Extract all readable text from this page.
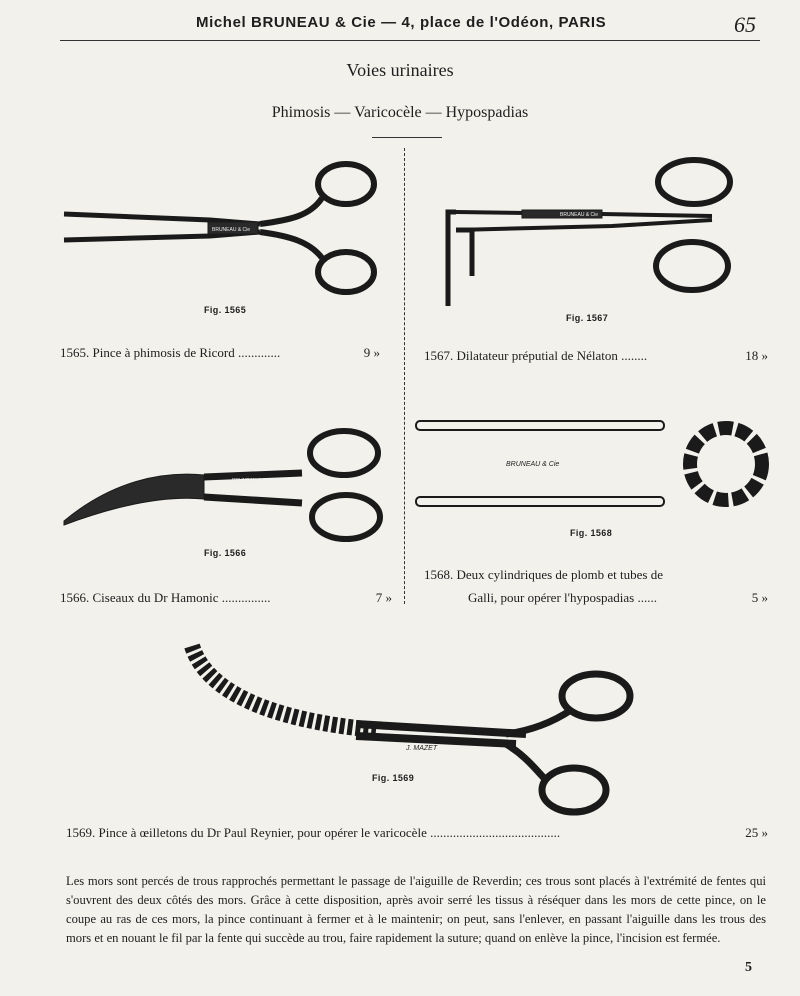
Michel BRUNEAU & Cie — 4, place de l'Odéon, PARIS	65
Voies urinaires
Phimosis — Varicocèle — Hypospadias
BRUNEAU & Cie
Fig. 1565
BRUNEAU & Cie
Fig. 1567
1565. Pince à phimosis de Ricord .............	9 »	1567. Dilatateur préputial de Nélaton ........	18 »
BRUNEAU & Cie
Fig. 1566
BRUNEAU & Cie
Fig. 1568
1566. Ciseaux du Dr Hamonic ...............	7 »
1568. Deux cylindriques de plomb et tubes de
Galli, pour opérer l'hypospadias ......	5 »
J. MAZET
Fig. 1569
1569. Pince à œilletons du Dr Paul Reynier, pour opérer le varicocèle ........................................	25 »
Les mors sont percés de trous rapprochés permettant le passage de l'aiguille de Reverdin; ces trous sont placés à l'extrémité de fentes qui s'ouvrent des deux côtés des mors. Grâce à cette disposition, après avoir serré les tissus à réséquer dans les mors de cette pince, on le coupe au ras de ces mors, la pince continuant à fermer et à le maintenir; on peut, sans l'enlever, en passant l'aiguille dans les trous des mors et en nouant le fil par la fente qui succède au trou, faire rapidement la suture; quand on enlève la pince, l'incision est fermée.
5
